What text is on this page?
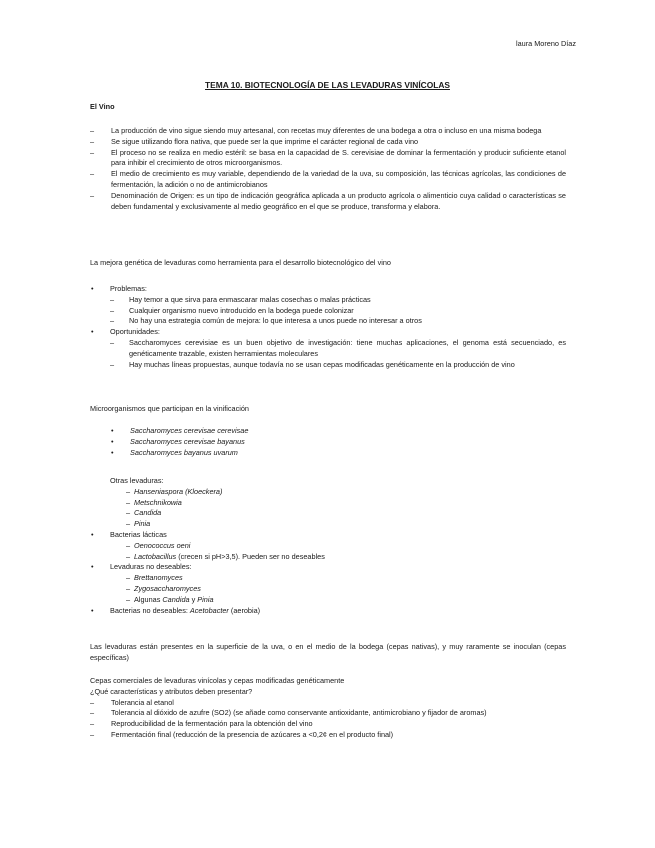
laura Moreno Díaz
TEMA 10. BIOTECNOLOGÍA DE LAS LEVADURAS VINÍCOLAS
El Vino
– La producción de vino sigue siendo muy artesanal, con recetas muy diferentes de una bodega a otra o incluso en una misma bodega
– Se sigue utilizando flora nativa, que puede ser la que imprime el carácter regional de cada vino
– El proceso no se realiza en medio estéril: se basa en la capacidad de S. cerevisiae de dominar la fermentación y producir suficiente etanol para inhibir el crecimiento de otros microorganismos.
– El medio de crecimiento es muy variable, dependiendo de la variedad de la uva, su composición, las técnicas agrícolas, las condiciones de fermentación, la adición o no de antimicrobianos
– Denominación de Origen: es un tipo de indicación geográfica aplicada a un producto agrícola o alimenticio cuya calidad o características se deben fundamental y exclusivamente al medio geográfico en el que se produce, transforma y elabora.
La mejora genética de levaduras como herramienta para el desarrollo biotecnológico del vino
• Problemas:
– Hay temor a que sirva para enmascarar malas cosechas o malas prácticas
– Cualquier organismo nuevo introducido en la bodega puede colonizar
– No hay una estrategia común de mejora: lo que interesa a unos puede no interesar a otros
• Oportunidades:
– Saccharomyces cerevisiae es un buen objetivo de investigación: tiene muchas aplicaciones, el genoma está secuenciado, es genéticamente trazable, existen herramientas moleculares
– Hay muchas líneas propuestas, aunque todavía no se usan cepas modificadas genéticamente en la producción de vino
Microorganismos que participan en la vinificación
• Saccharomyces cerevisae cerevisae
• Saccharomyces cerevisae bayanus
• Saccharomyces bayanus uvarum
Otras levaduras:
– Hanseniaspora (Kloeckera)
– Metschnikowia
– Candida
– Pinia
• Bacterias lácticas
– Oenococcus oeni
– Lactobacillus (crecen si pH>3,5). Pueden ser no deseables
• Levaduras no deseables:
– Brettanomyces
– Zygosaccharomyces
– Algunas Candida y Pinia
• Bacterias no deseables: Acetobacter (aerobia)
Las levaduras están presentes en la superficie de la uva, o en el medio de la bodega (cepas nativas), y muy raramente se inoculan (cepas específicas)
Cepas comerciales de levaduras vinícolas y cepas modificadas genéticamente
¿Qué características y atributos deben presentar?
– Tolerancia al etanol
– Tolerancia al dióxido de azufre (SO2) (se añade como conservante antioxidante, antimicrobiano y fijador de aromas)
– Reproducibilidad de la fermentación para la obtención del vino
– Fermentación final (reducción de la presencia de azúcares a <0,2¢ en el producto final)
